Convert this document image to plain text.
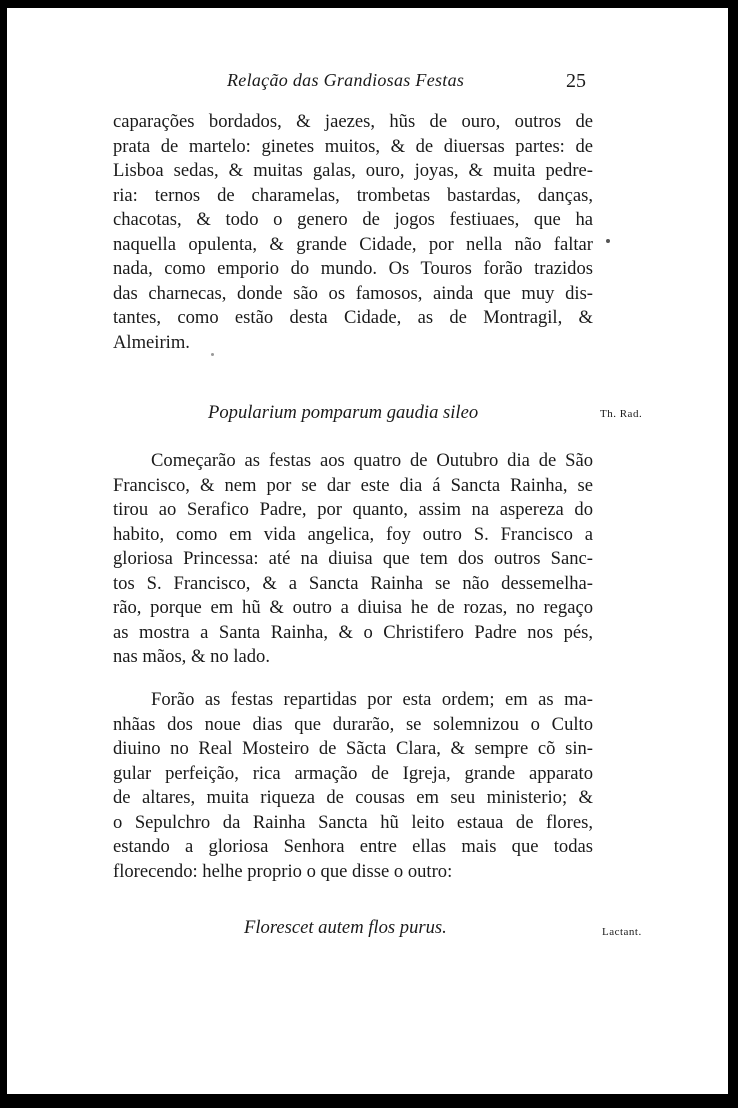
Relação das Grandiosas Festas	25
caparações bordados, & jaezes, hũs de ouro, outros de
prata de martelo: ginetes muitos, & de diuersas partes: de
Lisboa sedas, & muitas galas, ouro, joyas, & muita pedre-
ria: ternos de charamelas, trombetas bastardas, danças,
chacotas, & todo o genero de jogos festiuaes, que ha
naquella opulenta, & grande Cidade, por nella não faltar
nada, como emporio do mundo. Os Touros forão trazidos
das charnecas, donde são os famosos, ainda que muy dis-
tantes, como estão desta Cidade, as de Montragil, &
Almeirim.
Popularium pomparum gaudia sileo	Th. Rad.
Começarão as festas aos quatro de Outubro dia de São
Francisco, & nem por se dar este dia á Sancta Rainha, se
tirou ao Serafico Padre, por quanto, assim na aspereza do
habito, como em vida angelica, foy outro S. Francisco a
gloriosa Princessa: até na diuisa que tem dos outros Sanc-
tos S. Francisco, & a Sancta Rainha se não dessemelha-
rão, porque em hũ & outro a diuisa he de rozas, no regaço
as mostra a Santa Rainha, & o Christifero Padre nos pés,
nas mãos, & no lado.
Forão as festas repartidas por esta ordem; em as ma-
nhãas dos noue dias que durarão, se solemnizou o Culto
diuino no Real Mosteiro de Sãcta Clara, & sempre cõ sin-
gular perfeição, rica armação de Igreja, grande apparato
de altares, muita riqueza de cousas em seu ministerio; &
o Sepulchro da Rainha Sancta hũ leito estaua de flores,
estando a gloriosa Senhora entre ellas mais que todas
florecendo: helhe proprio o que disse o outro:
Florescet autem flos purus.	Lactant.
